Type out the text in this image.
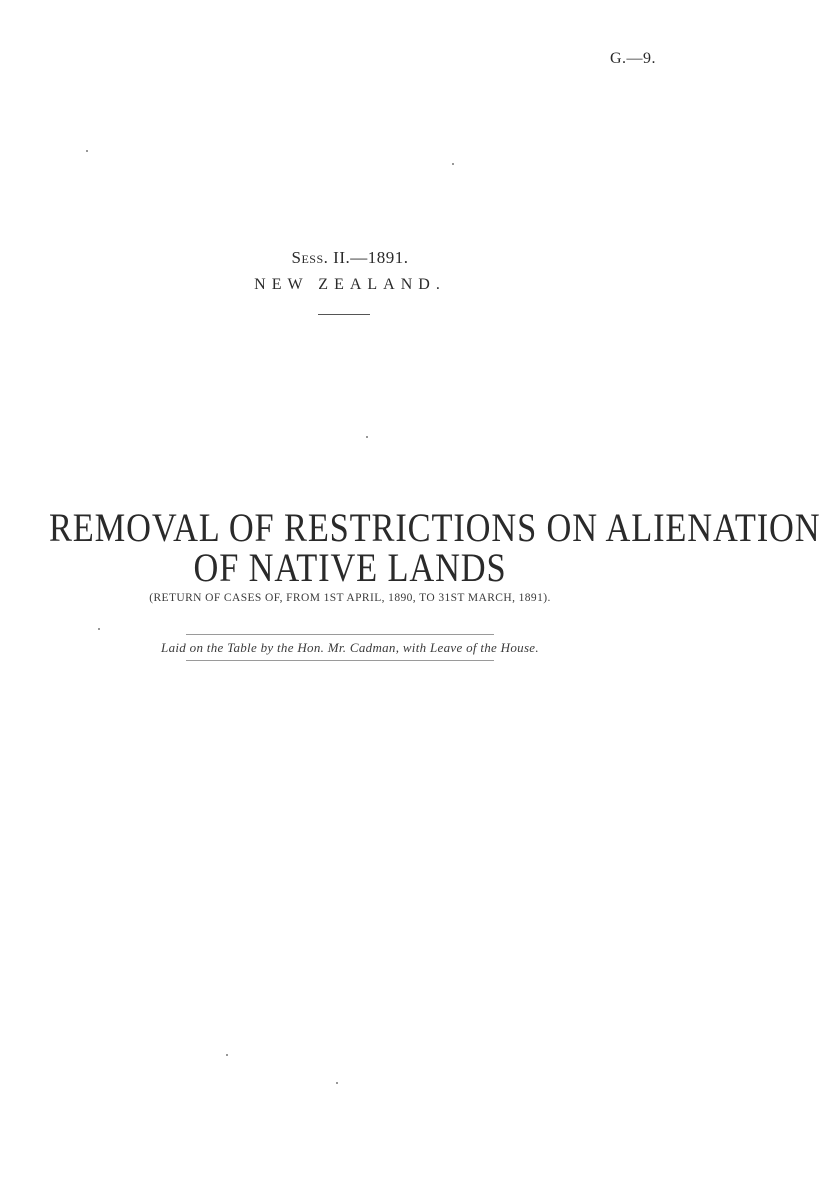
G.—9.
SESS. II.—1891.
NEW ZEALAND.
REMOVAL OF RESTRICTIONS ON ALIENATION
OF NATIVE LANDS
(RETURN OF CASES OF, FROM 1ST APRIL, 1890, TO 31ST MARCH, 1891).
Laid on the Table by the Hon. Mr. Cadman, with Leave of the House.
